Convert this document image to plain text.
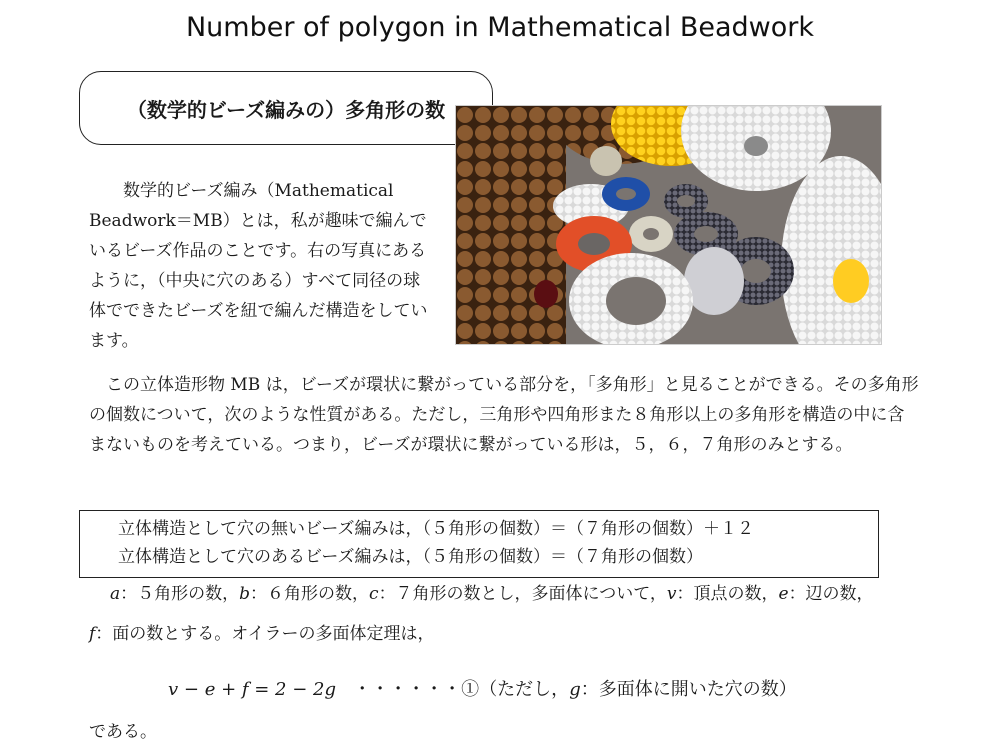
Number of polygon in Mathematical Beadwork
（数学的ビーズ編みの）多角形の数
数学的ビーズ編み（Mathematical Beadwork＝MB）とは，私が趣味で編んでいるビーズ作品のことです。右の写真にあるように，（中央に穴のある）すべて同径の球体でできたビーズを紐で編んだ構造をしています。
この立体造形物 MB は，ビーズが環状に繋がっている部分を，「多角形」と見ることができる。その多角形の個数について，次のような性質がある。ただし，三角形や四角形また８角形以上の多角形を構造の中に含まないものを考えている。つまり，ビーズが環状に繋がっている形は，５，６，７角形のみとする。
立体構造として穴の無いビーズ編みは，（５角形の個数）＝（７角形の個数）＋１２
立体構造として穴のあるビーズ編みは，（５角形の個数）＝（７角形の個数）
a：５角形の数，b：６角形の数，c：７角形の数とし，多面体について，v：頂点の数，e：辺の数，
f：面の数とする。オイラーの多面体定理は，
v − e + f = 2 − 2g ・・・・・・①（ただし，g：多面体に開いた穴の数）
である。
